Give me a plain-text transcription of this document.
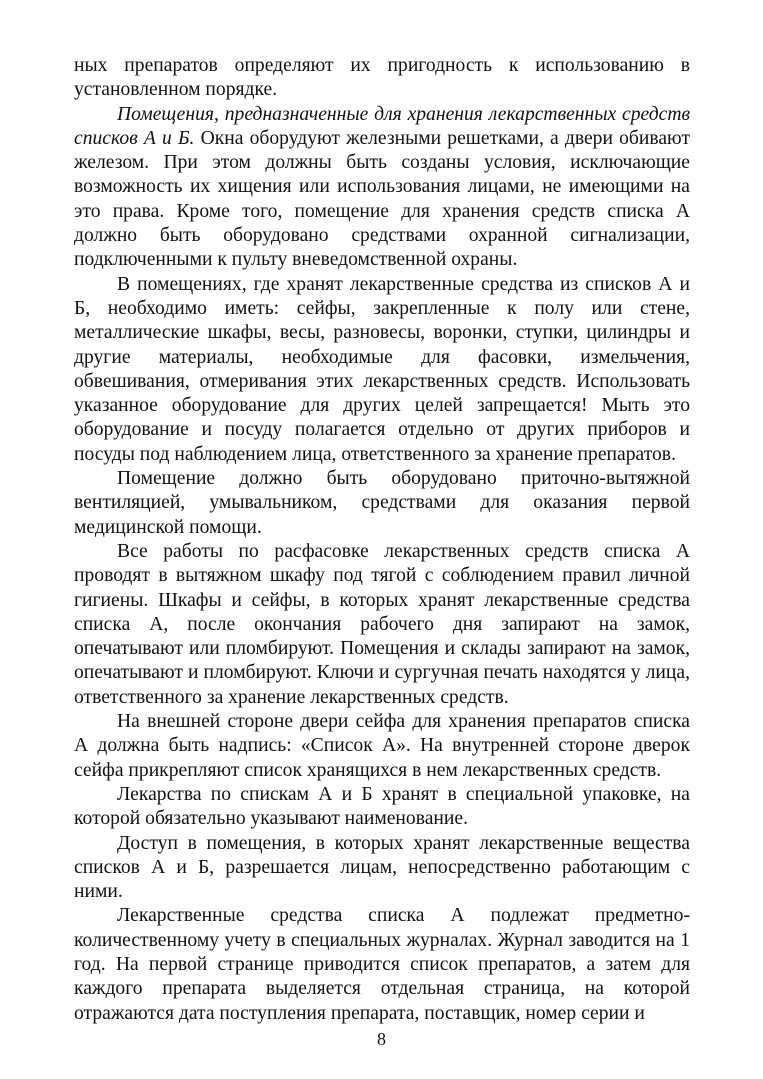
ных препаратов определяют их пригодность к использованию в установленном порядке.

Помещения, предназначенные для хранения лекарственных средств списков А и Б. Окна оборудуют железными решетками, а двери обивают железом. При этом должны быть созданы условия, исключающие возможность их хищения или использования лицами, не имеющими на это права. Кроме того, помещение для хранения средств списка А должно быть оборудовано средствами охранной сигнализации, подключенными к пульту вневедомственной охраны.

В помещениях, где хранят лекарственные средства из списков А и Б, необходимо иметь: сейфы, закрепленные к полу или стене, металлические шкафы, весы, разновесы, воронки, ступки, цилиндры и другие материалы, необходимые для фасовки, измельчения, обвешивания, отмеривания этих лекарственных средств. Использовать указанное оборудование для других целей запрещается! Мыть это оборудование и посуду полагается отдельно от других приборов и посуды под наблюдением лица, ответственного за хранение препаратов.

Помещение должно быть оборудовано приточно-вытяжной вентиляцией, умывальником, средствами для оказания первой медицинской помощи.

Все работы по расфасовке лекарственных средств списка А проводят в вытяжном шкафу под тягой с соблюдением правил личной гигиены. Шкафы и сейфы, в которых хранят лекарственные средства списка А, после окончания рабочего дня запирают на замок, опечатывают или пломбируют. Помещения и склады запирают на замок, опечатывают и пломбируют. Ключи и сургучная печать находятся у лица, ответственного за хранение лекарственных средств.

На внешней стороне двери сейфа для хранения препаратов списка А должна быть надпись: «Список А». На внутренней стороне дверок сейфа прикрепляют список хранящихся в нем лекарственных средств.

Лекарства по спискам А и Б хранят в специальной упаковке, на которой обязательно указывают наименование.

Доступ в помещения, в которых хранят лекарственные вещества списков А и Б, разрешается лицам, непосредственно работающим с ними.

Лекарственные средства списка А подлежат предметно-количественному учету в специальных журналах. Журнал заводится на 1 год. На первой странице приводится список препаратов, а затем для каждого препарата выделяется отдельная страница, на которой отражаются дата поступления препарата, поставщик, номер серии и

8
